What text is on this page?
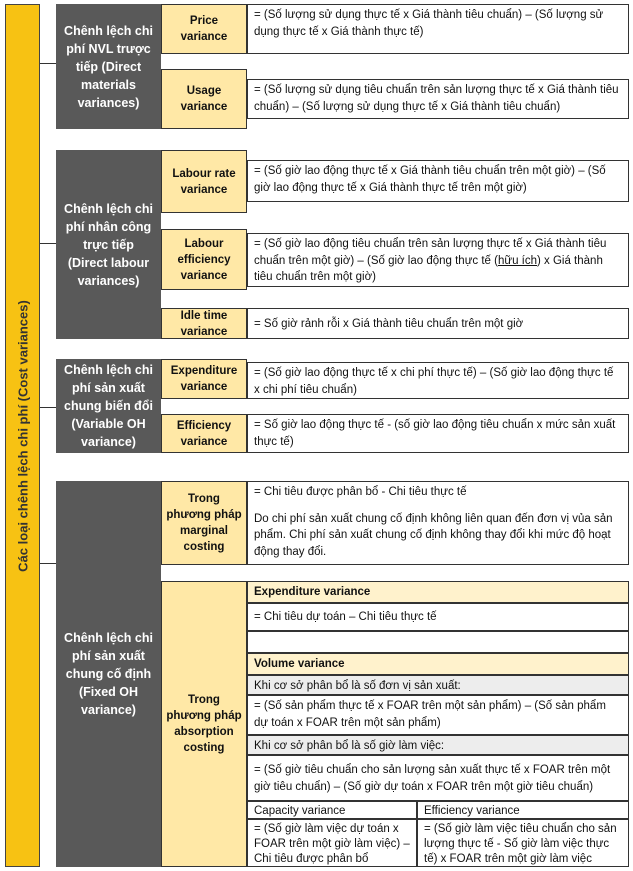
Các loại chênh lệch chi phí (Cost variances)
Chênh lệch chi phí NVL trược tiếp (Direct materials variances)
Price variance
= (Số lượng sử dụng thực tế x Giá thành tiêu chuẩn) – (Số lượng sử dụng thực tế x Giá thành thực tế)
Usage variance
= (Số lượng sử dụng tiêu chuẩn trên sản lượng thực tế x Giá thành tiêu chuẩn) – (Số lượng sử dụng thực tế x Giá thành tiêu chuẩn)
Chênh lệch chi phí nhân công trực tiếp (Direct labour variances)
Labour rate variance
= (Số giờ lao động thực tế x Giá thành tiêu chuẩn trên một giờ) – (Số giờ lao động thực tế x Giá thành thực tế trên một giờ)
Labour efficiency variance
= (Số giờ lao động tiêu chuẩn trên sản lượng thực tế x Giá thành tiêu chuẩn trên một giờ) – (Số giờ lao động thực tế (hữu ích) x Giá thành tiêu chuẩn trên một giờ)
Idle time variance
= Số giờ rảnh rỗi x Giá thành tiêu chuẩn trên một giờ
Chênh lệch chi phí sản xuất chung biến đổi (Variable OH variance)
Expenditure variance
= (Số giờ lao động thực tế x chi phí thực tế) – (Số giờ lao động thực tế x chi phí tiêu chuẩn)
Efficiency variance
= Số giờ lao động thực tế - (số giờ lao động tiêu chuẩn x mức sản xuất thực tế)
Chênh lệch chi phí sản xuất chung cố định (Fixed OH variance)
Trong phương pháp marginal costing
= Chi tiêu được phân bổ - Chi tiêu thực tế
Do chi phí sản xuất chung cố định không liên quan đến đơn vị vủa sản phẩm. Chi phí sản xuất chung cố định không thay đổi khi mức độ hoạt động thay đổi.
Trong phương pháp absorption costing
Expenditure variance
= Chi tiêu dự toán – Chi tiêu thực tế
Volume variance
Khi cơ sở phân bổ là số đơn vị sản xuất:
= (Số sản phẩm thực tế x FOAR trên một sản phẩm) – (Số sản phẩm dự toán x FOAR trên một sản phẩm)
Khi cơ sở phân bổ là số giờ làm việc:
= (Số giờ tiêu chuẩn cho sản lượng sản xuất thực tế x FOAR trên một giờ tiêu chuẩn) – (Số giờ dự toán x FOAR trên một giờ tiêu chuẩn)
Capacity variance	Efficiency variance
= (Số giờ làm việc dự toán x FOAR trên một giờ làm việc) – Chi tiêu được phân bổ
= (Số giờ làm việc tiêu chuẩn cho sản lượng thực tế - Số giờ làm việc thực tế) x FOAR trên một giờ làm việc
